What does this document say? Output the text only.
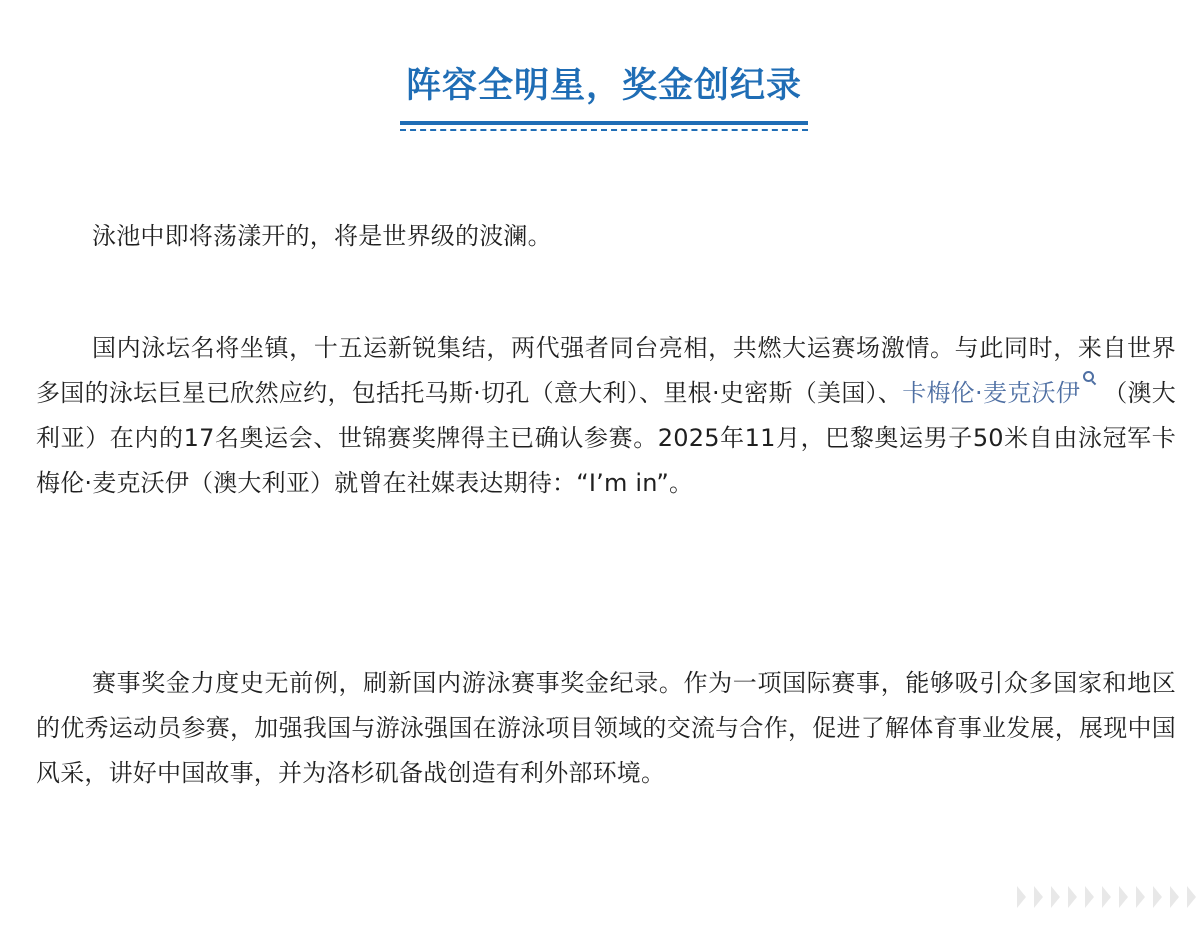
阵容全明星，奖金创纪录

泳池中即将荡漾开的，将是世界级的波澜。

国内泳坛名将坐镇，十五运新锐集结，两代强者同台亮相，共燃大运赛场激情。与此同时，来自世界多国的泳坛巨星已欣然应约，包括托马斯·切孔（意大利）、里根·史密斯（美国）、卡梅伦·麦克沃伊 （澳大利亚）在内的17名奥运会、世锦赛奖牌得主已确认参赛。2025年11月，巴黎奥运男子50米自由泳冠军卡梅伦·麦克沃伊（澳大利亚）就曾在社媒表达期待：“I’m in”。

赛事奖金力度史无前例，刷新国内游泳赛事奖金纪录。作为一项国际赛事，能够吸引众多国家和地区的优秀运动员参赛，加强我国与游泳强国在游泳项目领域的交流与合作，促进了解体育事业发展，展现中国风采，讲好中国故事，并为洛杉矶备战创造有利外部环境。
